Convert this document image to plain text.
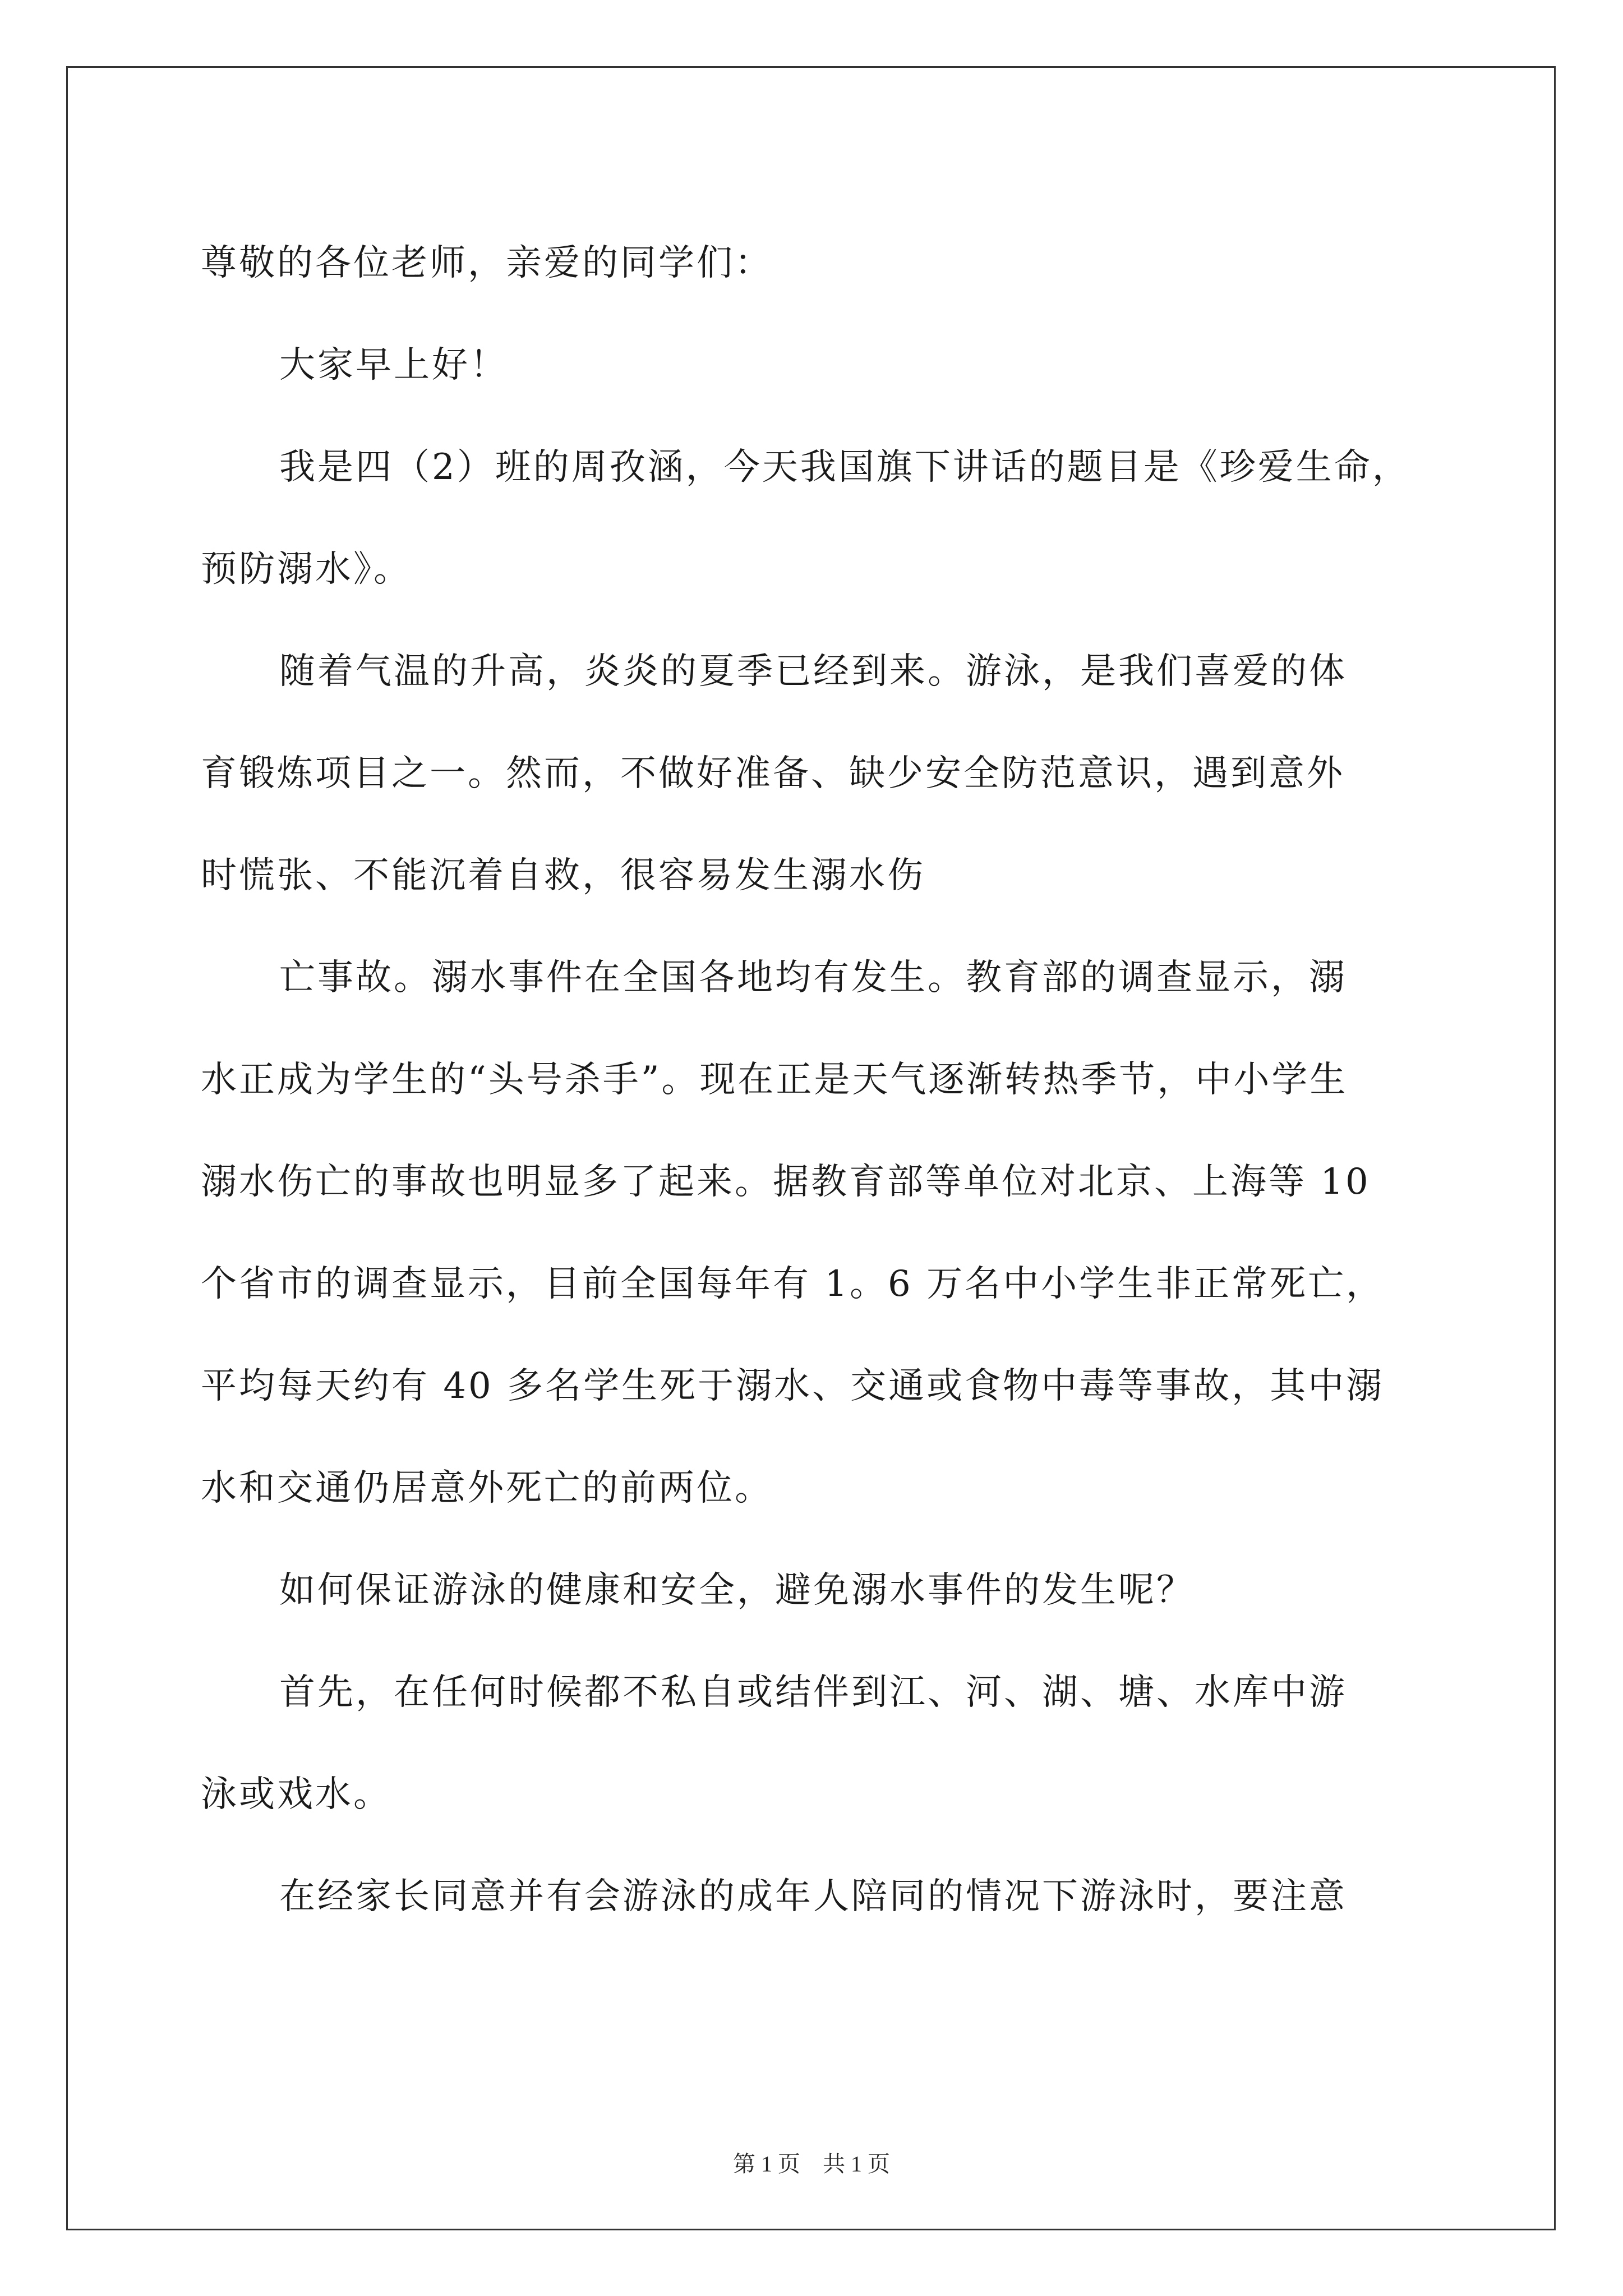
尊敬的各位老师，亲爱的同学们：
大家早上好！
我是四（2）班的周孜涵，今天我国旗下讲话的题目是《珍爱生命，
预防溺水》。
随着气温的升高，炎炎的夏季已经到来。游泳，是我们喜爱的体
育锻炼项目之一。然而，不做好准备、缺少安全防范意识，遇到意外
时慌张、不能沉着自救，很容易发生溺水伤
亡事故。溺水事件在全国各地均有发生。教育部的调查显示，溺
水正成为学生的“头号杀手”。现在正是天气逐渐转热季节，中小学生
溺水伤亡的事故也明显多了起来。据教育部等单位对北京、上海等 10
个省市的调查显示，目前全国每年有 1。6 万名中小学生非正常死亡，
平均每天约有 40 多名学生死于溺水、交通或食物中毒等事故，其中溺
水和交通仍居意外死亡的前两位。
如何保证游泳的健康和安全，避免溺水事件的发生呢？
首先，在任何时候都不私自或结伴到江、河、湖、塘、水库中游
泳或戏水。
在经家长同意并有会游泳的成年人陪同的情况下游泳时，要注意
第 1 页 共 1 页
